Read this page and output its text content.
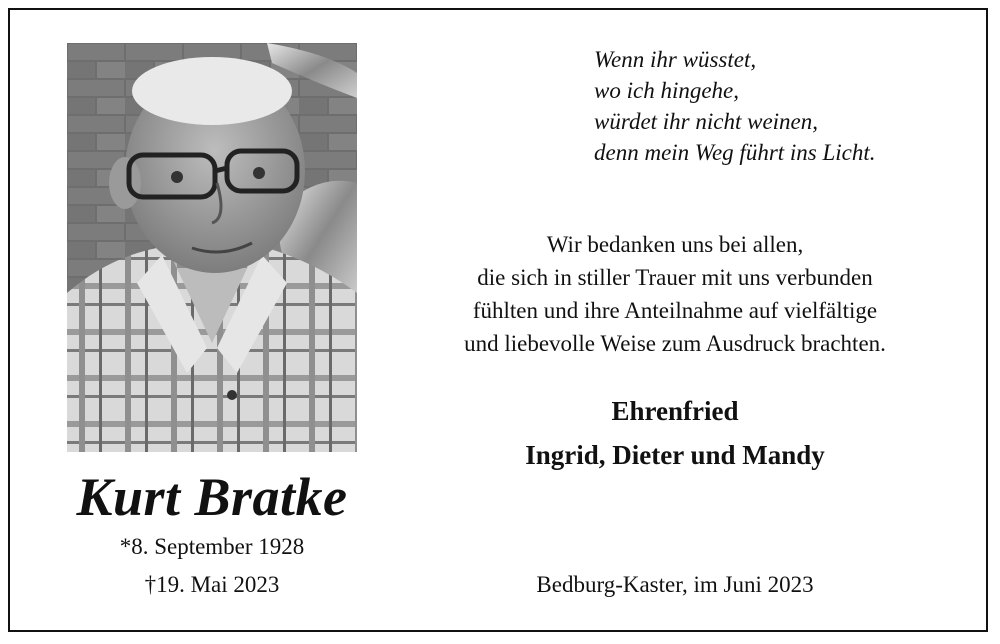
Kurt Bratke
*8. September 1928
†19. Mai 2023
Wenn ihr wüsstet,
wo ich hingehe,
würdet ihr nicht weinen,
denn mein Weg führt ins Licht.
Wir bedanken uns bei allen,
die sich in stiller Trauer mit uns verbunden
fühlten und ihre Anteilnahme auf vielfältige
und liebevolle Weise zum Ausdruck brachten.
Ehrenfried
Ingrid, Dieter und Mandy
Bedburg-Kaster, im Juni 2023
